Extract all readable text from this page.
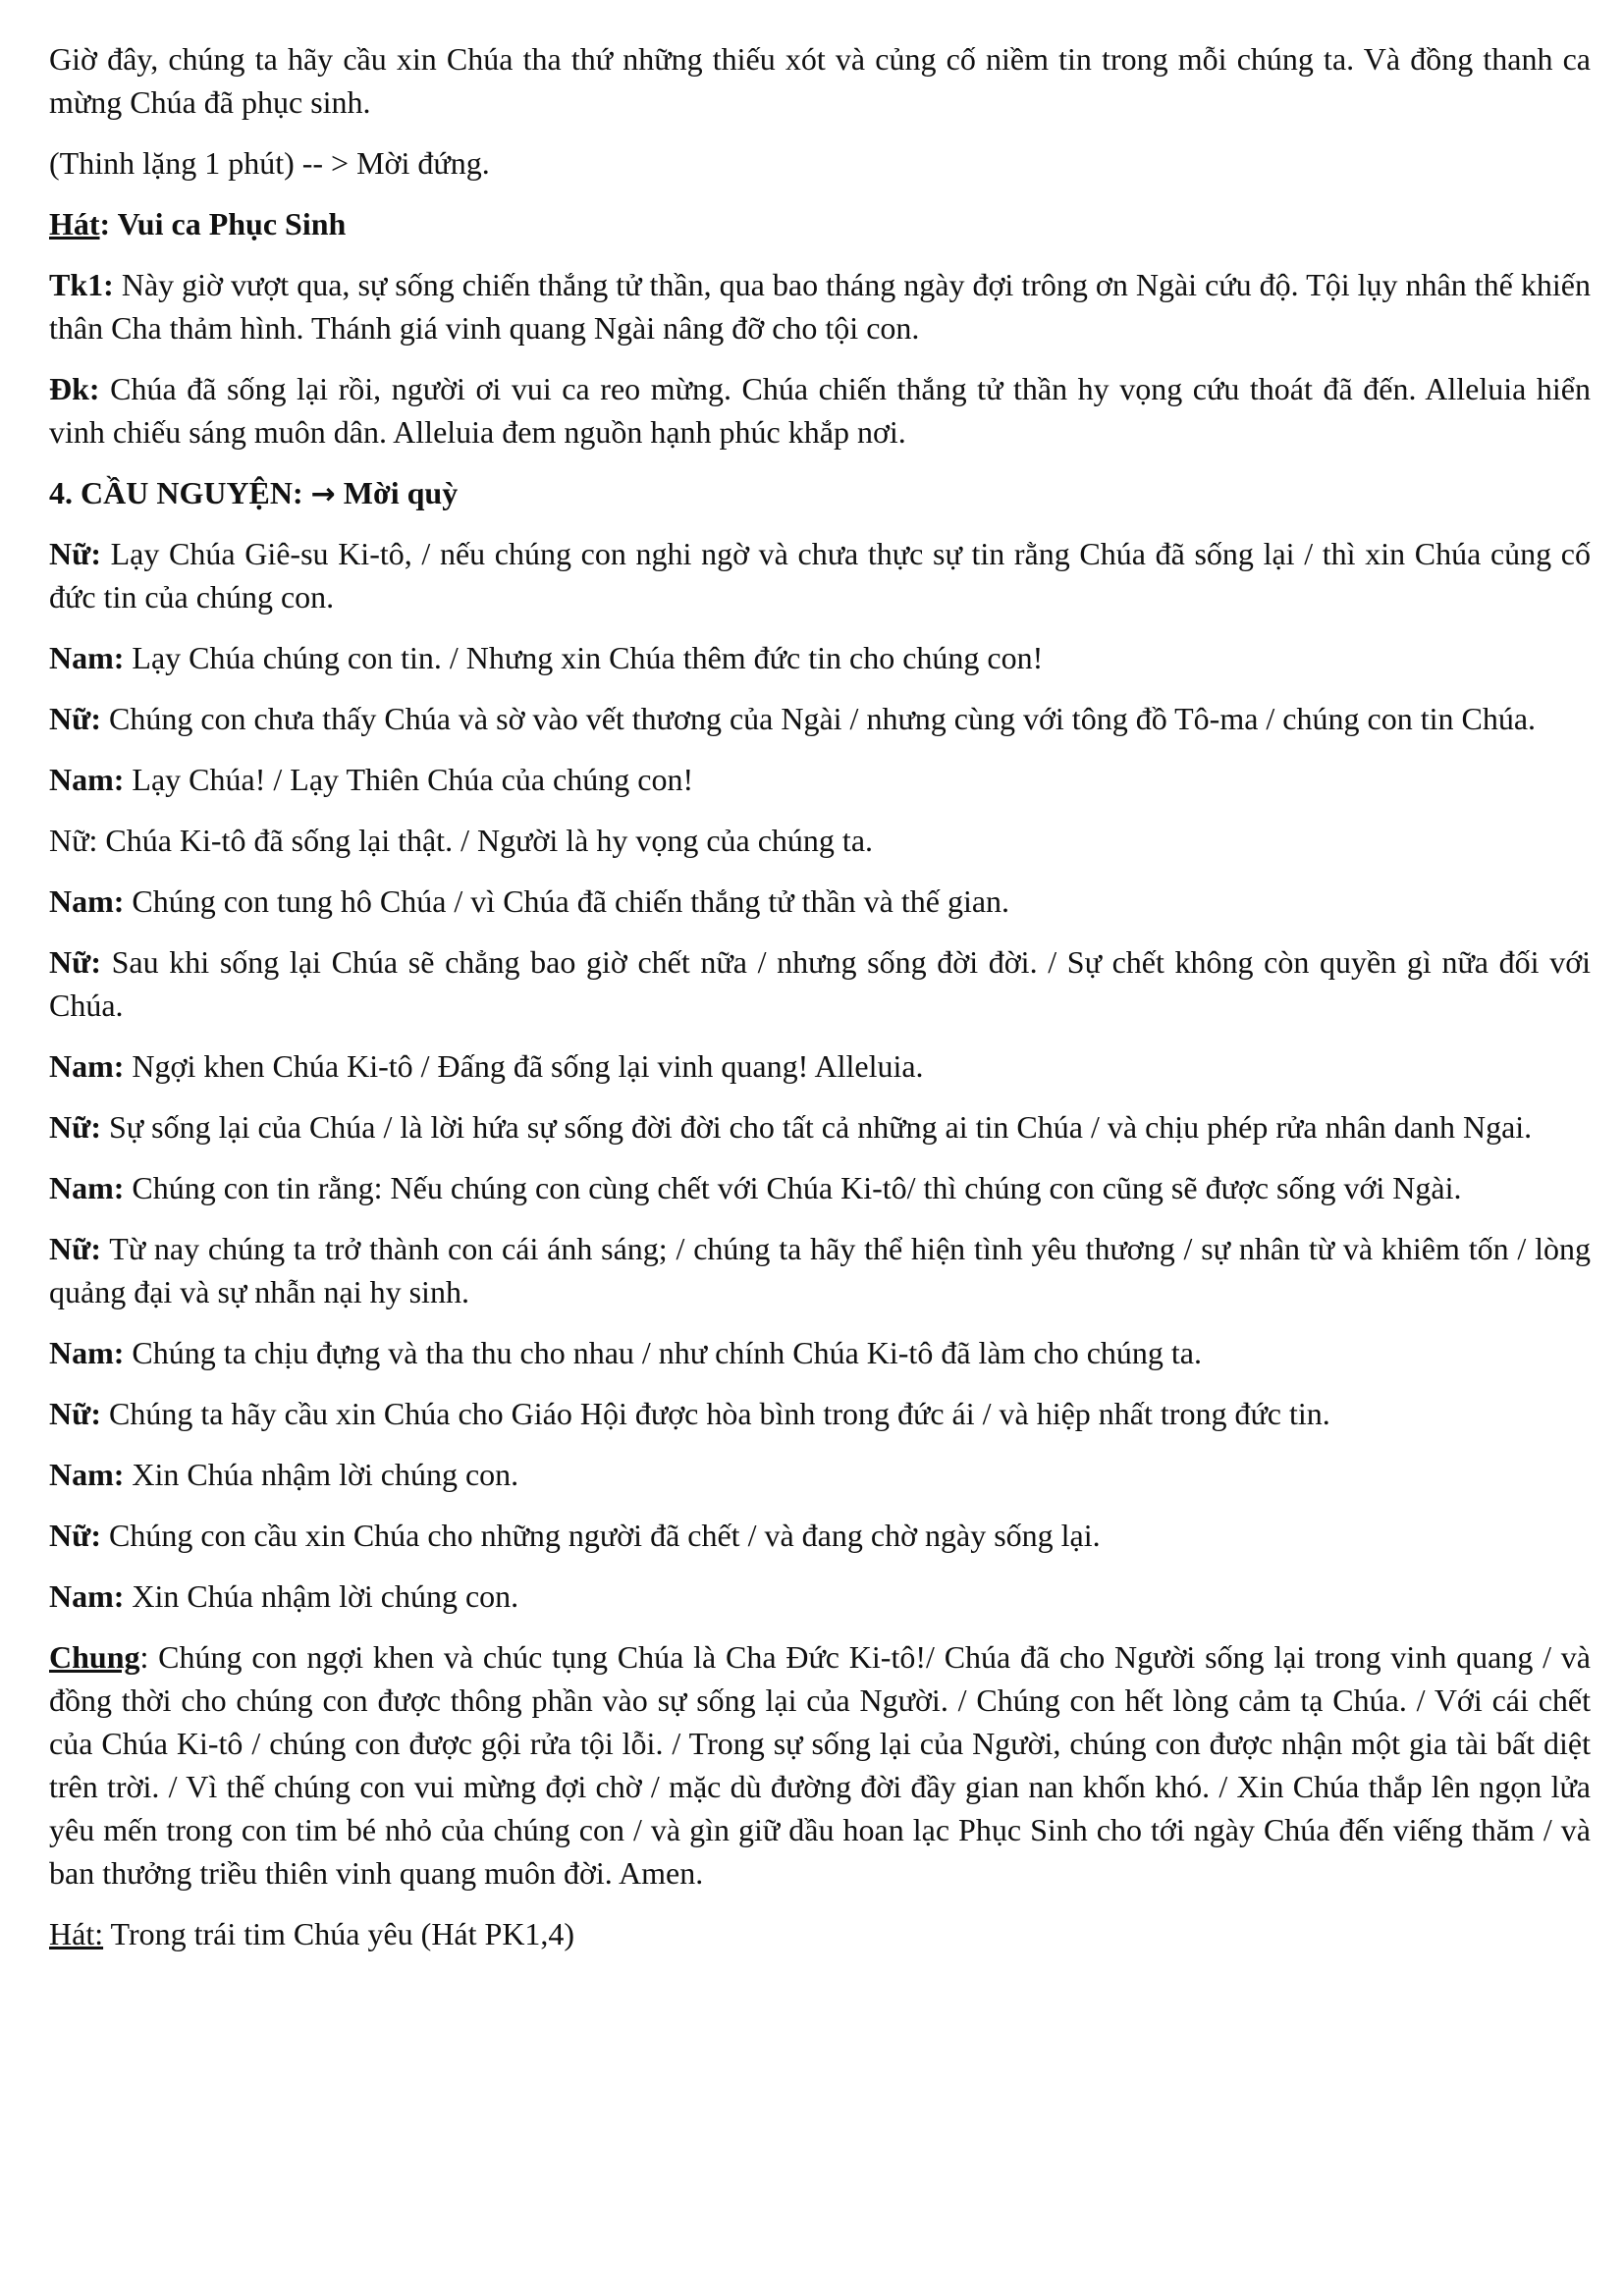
Giờ đây, chúng ta hãy cầu xin Chúa tha thứ những thiếu xót và củng cố niềm tin trong mỗi chúng ta. Và đồng thanh ca mừng Chúa đã phục sinh.

(Thinh lặng 1 phút) -- > Mời đứng.

Hát: Vui ca Phục Sinh

Tk1: Này giờ vượt qua, sự sống chiến thắng tử thần, qua bao tháng ngày đợi trông ơn Ngài cứu độ. Tội lụy nhân thế khiến thân Cha thảm hình. Thánh giá vinh quang Ngài nâng đỡ cho tội con.

Đk: Chúa đã sống lại rồi, người ơi vui ca reo mừng. Chúa chiến thắng tử thần hy vọng cứu thoát đã đến. Alleluia hiển vinh chiếu sáng muôn dân. Alleluia đem nguồn hạnh phúc khắp nơi.

4. CẦU NGUYỆN: → Mời quỳ

Nữ: Lạy Chúa Giê-su Ki-tô, / nếu chúng con nghi ngờ và chưa thực sự tin rằng Chúa đã sống lại / thì xin Chúa củng cố đức tin của chúng con.

Nam: Lạy Chúa chúng con tin. / Nhưng xin Chúa thêm đức tin cho chúng con!

Nữ: Chúng con chưa thấy Chúa và sờ vào vết thương của Ngài / nhưng cùng với tông đồ Tô-ma / chúng con tin Chúa.

Nam: Lạy Chúa! / Lạy Thiên Chúa của chúng con!

Nữ: Chúa Ki-tô đã sống lại thật. / Người là hy vọng của chúng ta.

Nam: Chúng con tung hô Chúa / vì Chúa đã chiến thắng tử thần và thế gian.

Nữ: Sau khi sống lại Chúa sẽ chẳng bao giờ chết nữa / nhưng sống đời đời. / Sự chết không còn quyền gì nữa đối với Chúa.

Nam: Ngợi khen Chúa Ki-tô / Đấng đã sống lại vinh quang! Alleluia.

Nữ: Sự sống lại của Chúa / là lời hứa sự sống đời đời cho tất cả những ai tin Chúa / và chịu phép rửa nhân danh Ngai.

Nam: Chúng con tin rằng: Nếu chúng con cùng chết với Chúa Ki-tô/ thì chúng con cũng sẽ được sống với Ngài.

Nữ: Từ nay chúng ta trở thành con cái ánh sáng; / chúng ta hãy thể hiện tình yêu thương / sự nhân từ và khiêm tốn / lòng quảng đại và sự nhẫn nại hy sinh.

Nam: Chúng ta chịu đựng và tha thu cho nhau / như chính Chúa Ki-tô đã làm cho chúng ta.

Nữ: Chúng ta hãy cầu xin Chúa cho Giáo Hội được hòa bình trong đức ái / và hiệp nhất trong đức tin.

Nam: Xin Chúa nhậm lời chúng con.

Nữ: Chúng con cầu xin Chúa cho những người đã chết / và đang chờ ngày sống lại.

Nam: Xin Chúa nhậm lời chúng con.

Chung: Chúng con ngợi khen và chúc tụng Chúa là Cha Đức Ki-tô!/ Chúa đã cho Người sống lại trong vinh quang / và đồng thời cho chúng con được thông phần vào sự sống lại của Người. / Chúng con hết lòng cảm tạ Chúa. / Với cái chết của Chúa Ki-tô / chúng con được gội rửa tội lỗi. / Trong sự sống lại của Người, chúng con được nhận một gia tài bất diệt trên trời. / Vì thế chúng con vui mừng đợi chờ / mặc dù đường đời đầy gian nan khốn khó. / Xin Chúa thắp lên ngọn lửa yêu mến trong con tim bé nhỏ của chúng con / và gìn giữ dầu hoan lạc Phục Sinh cho tới ngày Chúa đến viếng thăm / và ban thưởng triều thiên vinh quang muôn đời. Amen.

Hát: Trong trái tim Chúa yêu (Hát PK1,4)
